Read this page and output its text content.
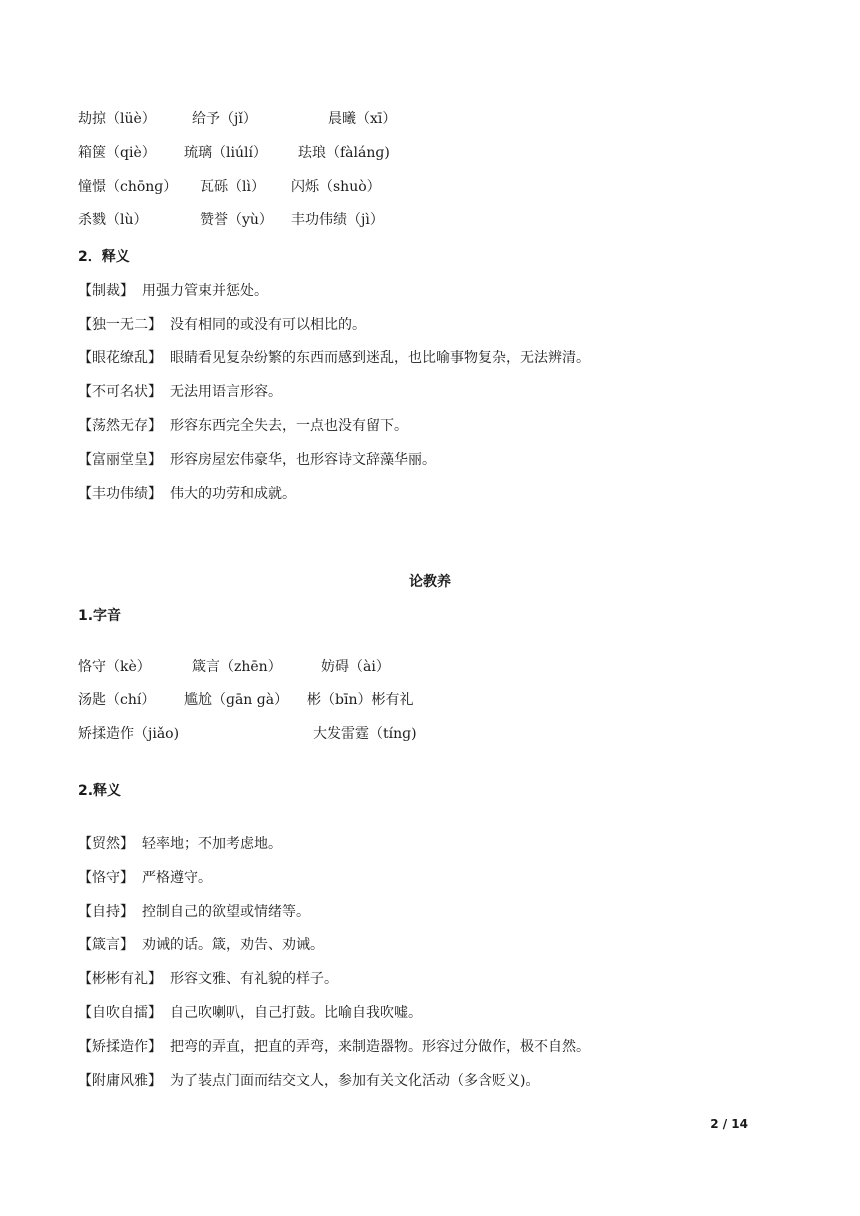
劫掠（lüè）	给予（jǐ）	晨曦（xī）
箱箧（qiè） 琉璃（liúlí） 珐琅（fàlánɡ)
憧憬（chōnɡ） 瓦砾（lì） 闪烁（shuò）
杀戮（lù）	赞誉（yù） 丰功伟绩（jì）
2．释义
【制裁】 用强力管束并惩处。
【独一无二】 没有相同的或没有可以相比的。
【眼花缭乱】 眼睛看见复杂纷繁的东西而感到迷乱，也比喻事物复杂，无法辨清。
【不可名状】 无法用语言形容。
【荡然无存】 形容东西完全失去，一点也没有留下。
【富丽堂皇】 形容房屋宏伟豪华，也形容诗文辞藻华丽。
【丰功伟绩】 伟大的功劳和成就。
论教养
1.字音
恪守（kè）	箴言（zhēn）	妨碍（ài）
汤匙（chí） 尴尬（ɡān ɡà） 彬（bīn）彬有礼
矫揉造作（jiǎo)	大发雷霆（tínɡ)
2.释义
【贸然】 轻率地；不加考虑地。
【恪守】 严格遵守。
【自持】 控制自己的欲望或情绪等。
【箴言】 劝诫的话。箴，劝告、劝诫。
【彬彬有礼】 形容文雅、有礼貌的样子。
【自吹自擂】 自己吹喇叭，自己打鼓。比喻自我吹嘘。
【矫揉造作】 把弯的弄直，把直的弄弯，来制造器物。形容过分做作，极不自然。
【附庸风雅】 为了装点门面而结交文人，参加有关文化活动（多含贬义)。
2 / 14
